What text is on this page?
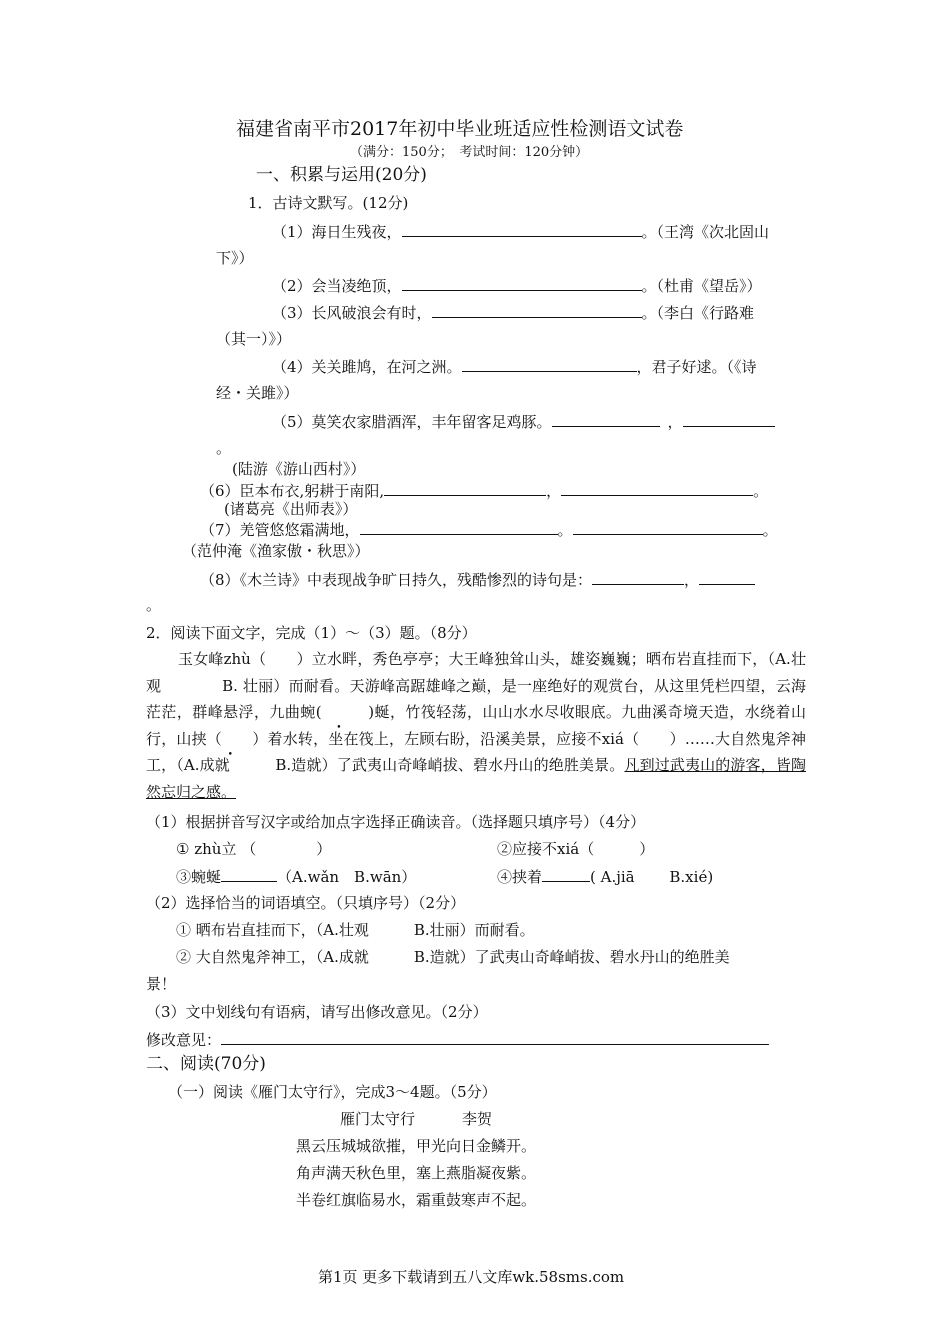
福建省南平市2017年初中毕业班适应性检测语文试卷
（满分：150分；　考试时间：120分钟）
一、积累与运用(20分)
1．古诗文默写。(12分)
（1）海日生残夜，	。（王湾《次北固山
下》）
（2）会当凌绝顶，	。（杜甫《望岳》）
（3）长风破浪会有时，	。（李白《行路难
（其一）》）
（4）关关雎鸠，在河之洲。	，君子好逑。（《诗
经・关雎》）
（5）莫笑农家腊酒浑，丰年留客足鸡豚。	，
。
(陆游《游山西村》）
（6）臣本布衣,躬耕于南阳,	，	。
(诸葛亮《出师表》）
（7）羌管悠悠霜满地，	。	。
（范仲淹《渔家傲・秋思》）
（8）《木兰诗》中表现战争旷日持久，残酷惨烈的诗句是：	，
。
2．阅读下面文字，完成（1）～（3）题。（8分）

玉女峰zhù（　　）立水畔，秀色亭亭；大王峰独耸山头，雄姿巍巍；晒布岩直挂而下，（A.壮观　　　　B. 壮丽）而耐看。天游峰高踞雄峰之巅，是一座绝好的观赏台，从这里凭栏四望，云海茫茫，群峰悬浮，九曲蜿 •(　　　)蜒，竹筏轻荡，山山水水尽收眼底。九曲溪奇境天造，水绕着山行，山挟 •（　　）着水转，坐在筏上，左顾右盼，沿溪美景，应接不xiá（　　）……大自然鬼斧神工，（A.成就　　　B.造就）了武夷山奇峰峭拔、碧水丹山的绝胜美景。凡到过武夷山的游客，皆陶然忘归之感。

（1）根据拼音写汉字或给加点字选择正确读音。（选择题只填序号）（4分）
① zhù立 （　　　　）	②应接不xiá（　　　）
③蜿蜒	（A.wǎn　B.wān）	④挟着	( A.jiā　　 B.xié)
（2）选择恰当的词语填空。（只填序号）（2分）
① 晒布岩直挂而下，（A.壮观　　　B.壮丽）而耐看。
② 大自然鬼斧神工，（A.成就　　　B.造就）了武夷山奇峰峭拔、碧水丹山的绝胜美
景！
（3）文中划线句有语病，请写出修改意见。（2分）
修改意见：
二、阅读(70分)
（一）阅读《雁门太守行》，完成3～4题。（5分）
雁门太守行	李贺
黑云压城城欲摧，甲光向日金鳞开。
角声满天秋色里，塞上燕脂凝夜紫。
半卷红旗临易水，霜重鼓寒声不起。
第1页 更多下载请到五八文库wk.58sms.com
